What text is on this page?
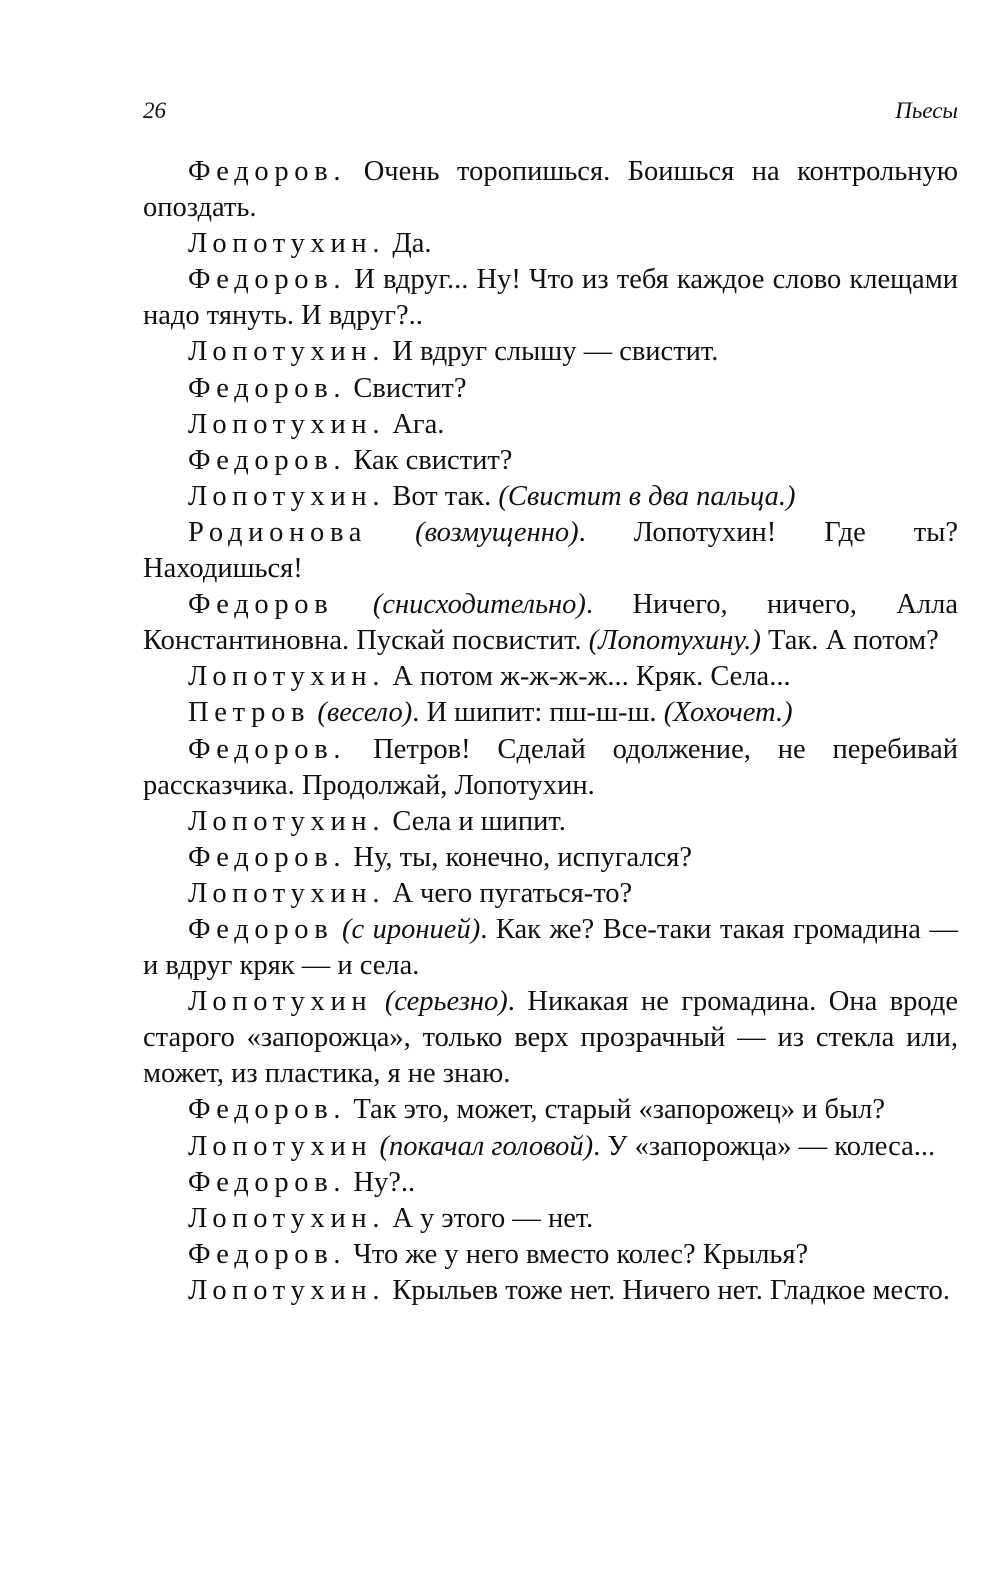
26	Пьесы

Федоров. Очень торопишься. Боишься на контрольную опоздать.

Лопотухин. Да.

Федоров. И вдруг... Ну! Что из тебя каждое слово клещами надо тянуть. И вдруг?..

Лопотухин. И вдруг слышу — свистит.

Федоров. Свистит?

Лопотухин. Ага.

Федоров. Как свистит?

Лопотухин. Вот так. (Свистит в два пальца.)

Родионова (возмущенно). Лопотухин! Где ты? Находишься!

Федоров (снисходительно). Ничего, ничего, Алла Константиновна. Пускай посвистит. (Лопотухину.) Так. А потом?

Лопотухин. А потом ж-ж-ж-ж... Кряк. Села...

Петров (весело). И шипит: пш-ш-ш. (Хохочет.)

Федоров. Петров! Сделай одолжение, не перебивай рассказчика. Продолжай, Лопотухин.

Лопотухин. Села и шипит.

Федоров. Ну, ты, конечно, испугался?

Лопотухин. А чего пугаться-то?

Федоров (с иронией). Как же? Все-таки такая громадина — и вдруг кряк — и села.

Лопотухин (серьезно). Никакая не громадина. Она вроде старого «запорожца», только верх прозрачный — из стекла или, может, из пластика, я не знаю.

Федоров. Так это, может, старый «запорожец» и был?

Лопотухин (покачал головой). У «запорожца» — колеса...

Федоров. Ну?..

Лопотухин. А у этого — нет.

Федоров. Что же у него вместо колес? Крылья?

Лопотухин. Крыльев тоже нет. Ничего нет. Гладкое место.
